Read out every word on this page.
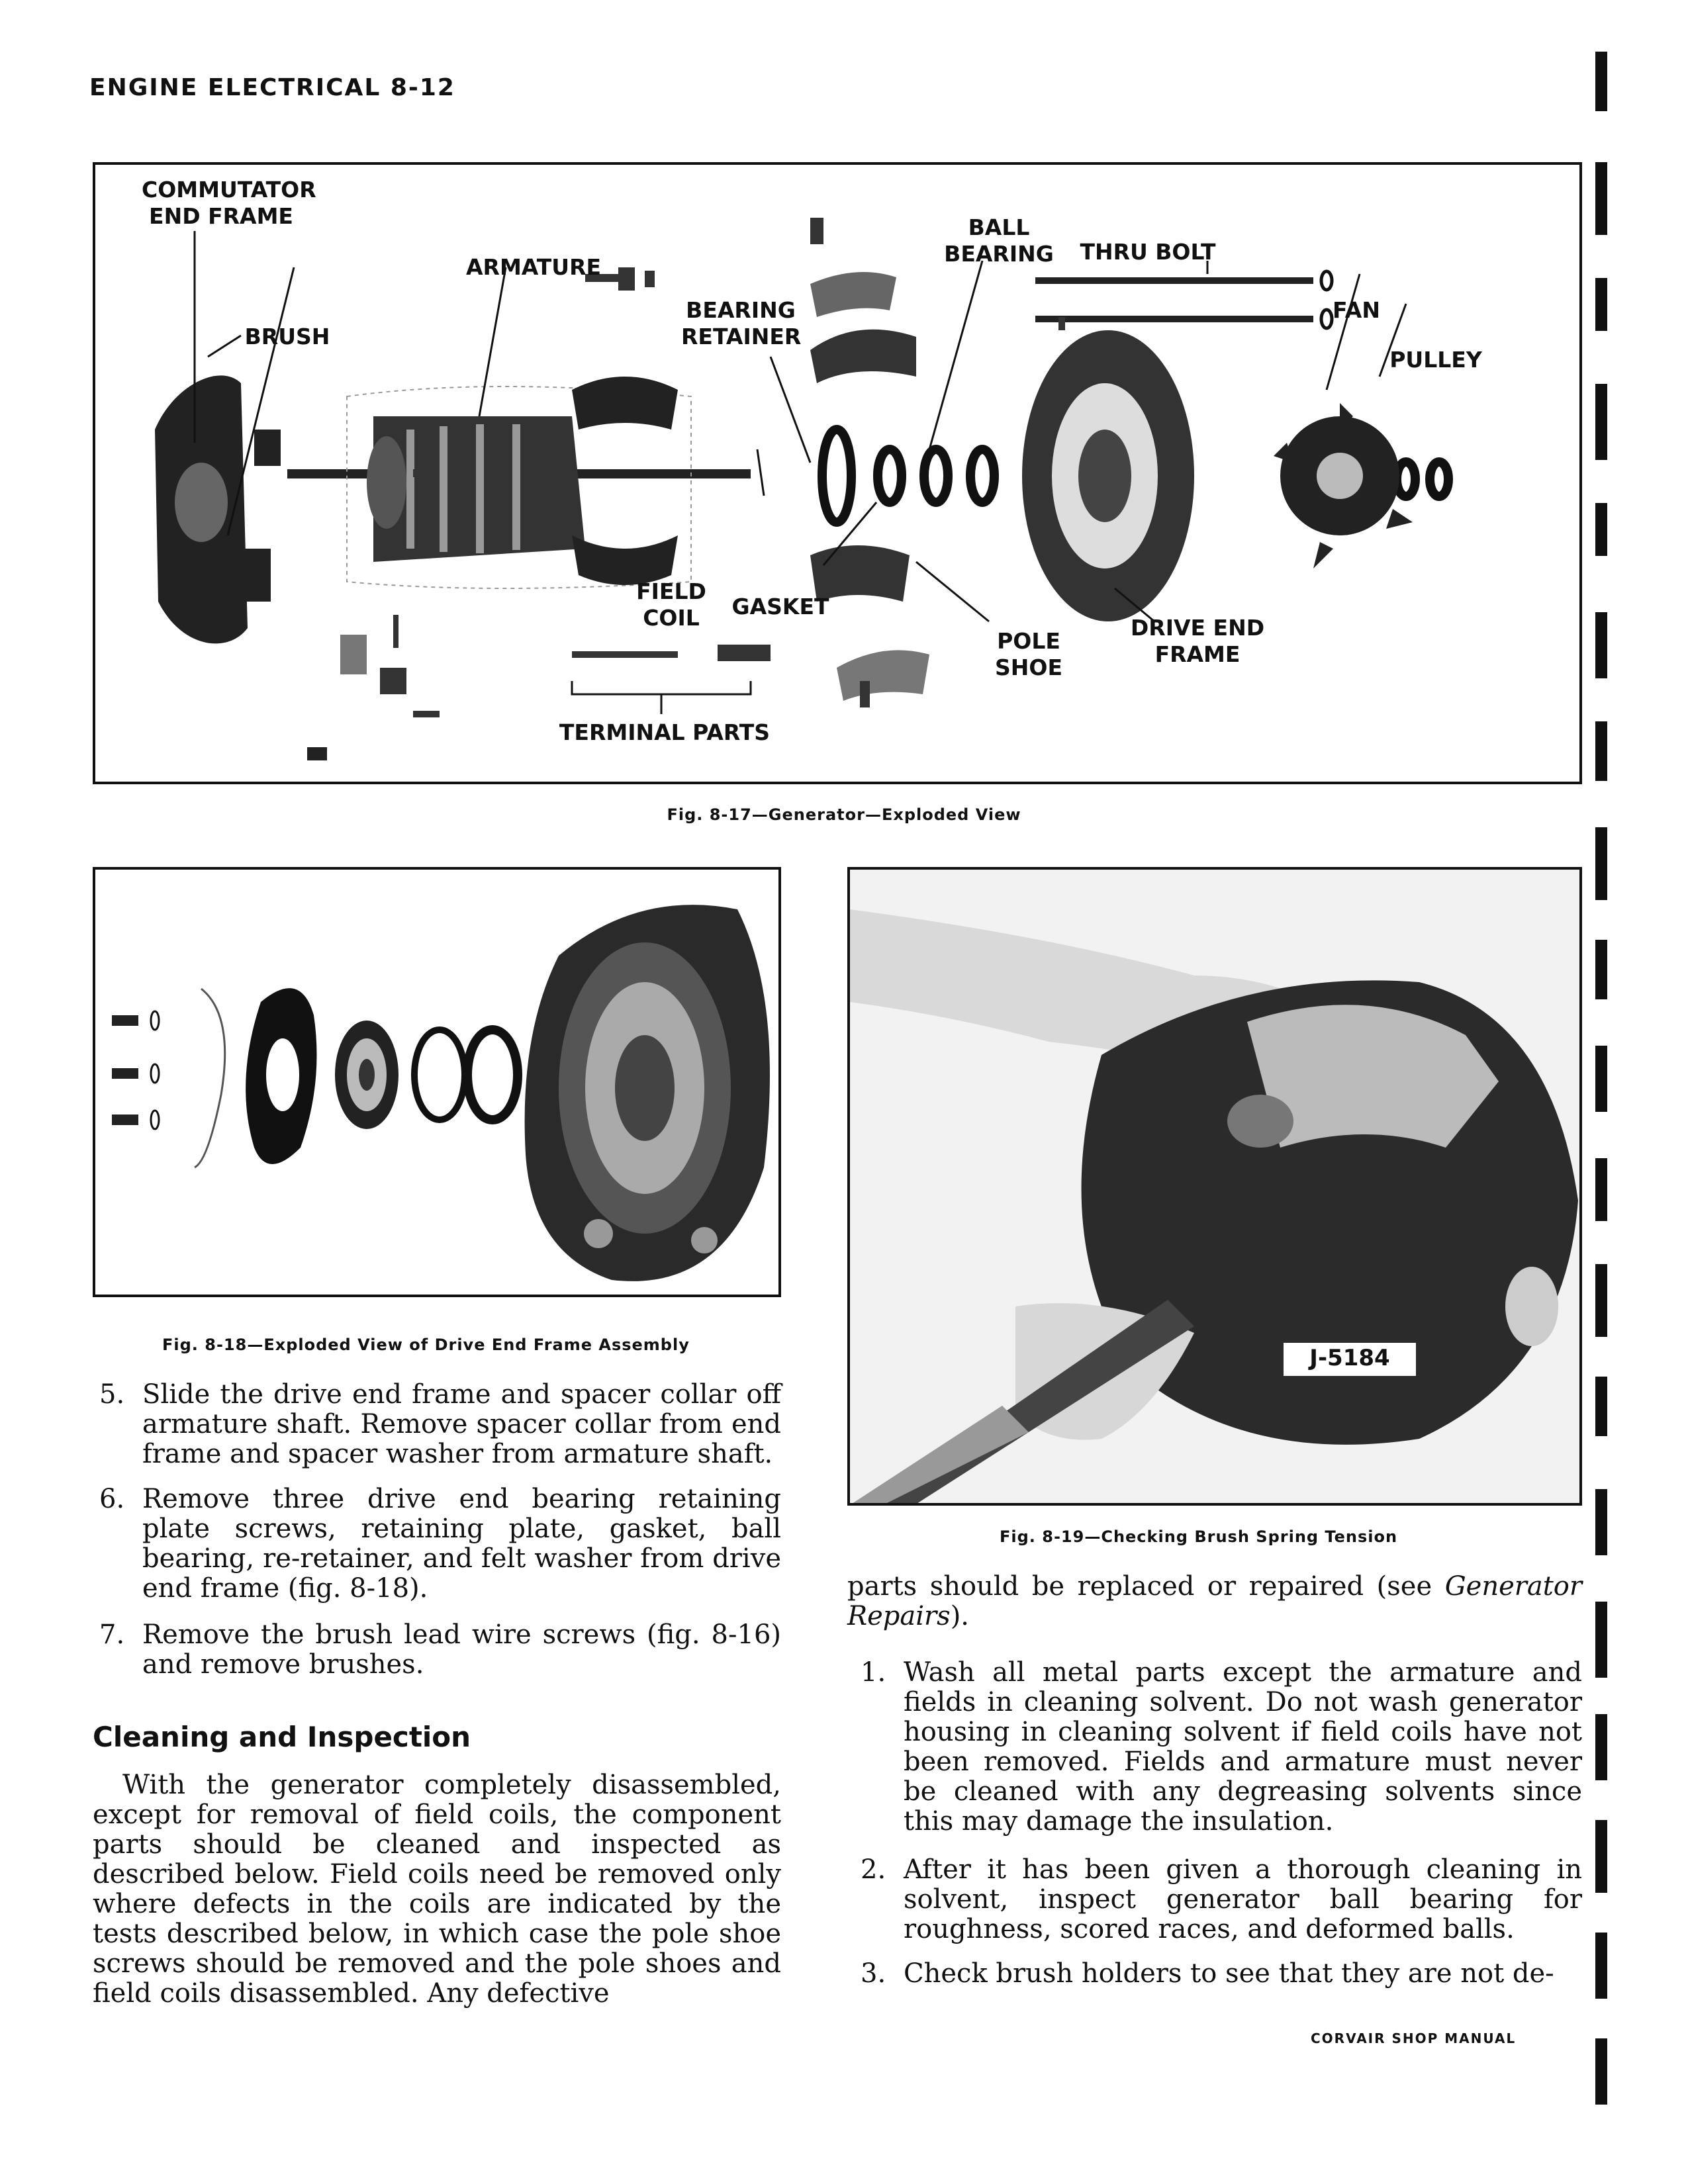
ENGINE ELECTRICAL 8-12
COMMUTATOR
END FRAME
ARMATURE
BRUSH
BEARING
RETAINER
BALL
BEARING	THRU BOLT
FAN
PULLEY
FIELD
COIL	GASKET
POLE
SHOE
DRIVE END
FRAME
TERMINAL PARTS
Fig. 8-17—Generator—Exploded View
Fig. 8-18—Exploded View of Drive End Frame Assembly	J-5184
Fig. 8-19—Checking Brush Spring Tension
5. Slide the drive end frame and spacer collar off armature shaft. Remove spacer collar from end frame and spacer washer from armature shaft.
6. Remove three drive end bearing retaining plate screws, retaining plate, gasket, ball bearing, re-retainer, and felt washer from drive end frame (fig. 8-18).
7. Remove the brush lead wire screws (fig. 8-16) and remove brushes.
Cleaning and Inspection
With the generator completely disassembled, except for removal of field coils, the component parts should be cleaned and inspected as described below. Field coils need be removed only where defects in the coils are indicated by the tests described below, in which case the pole shoe screws should be removed and the pole shoes and field coils disassembled. Any defective
parts should be replaced or repaired (see Generator Repairs).
1. Wash all metal parts except the armature and fields in cleaning solvent. Do not wash generator housing in cleaning solvent if field coils have not been removed. Fields and armature must never be cleaned with any degreasing solvents since this may damage the insulation.
2. After it has been given a thorough cleaning in solvent, inspect generator ball bearing for roughness, scored races, and deformed balls.
3. Check brush holders to see that they are not de-
CORVAIR SHOP MANUAL
